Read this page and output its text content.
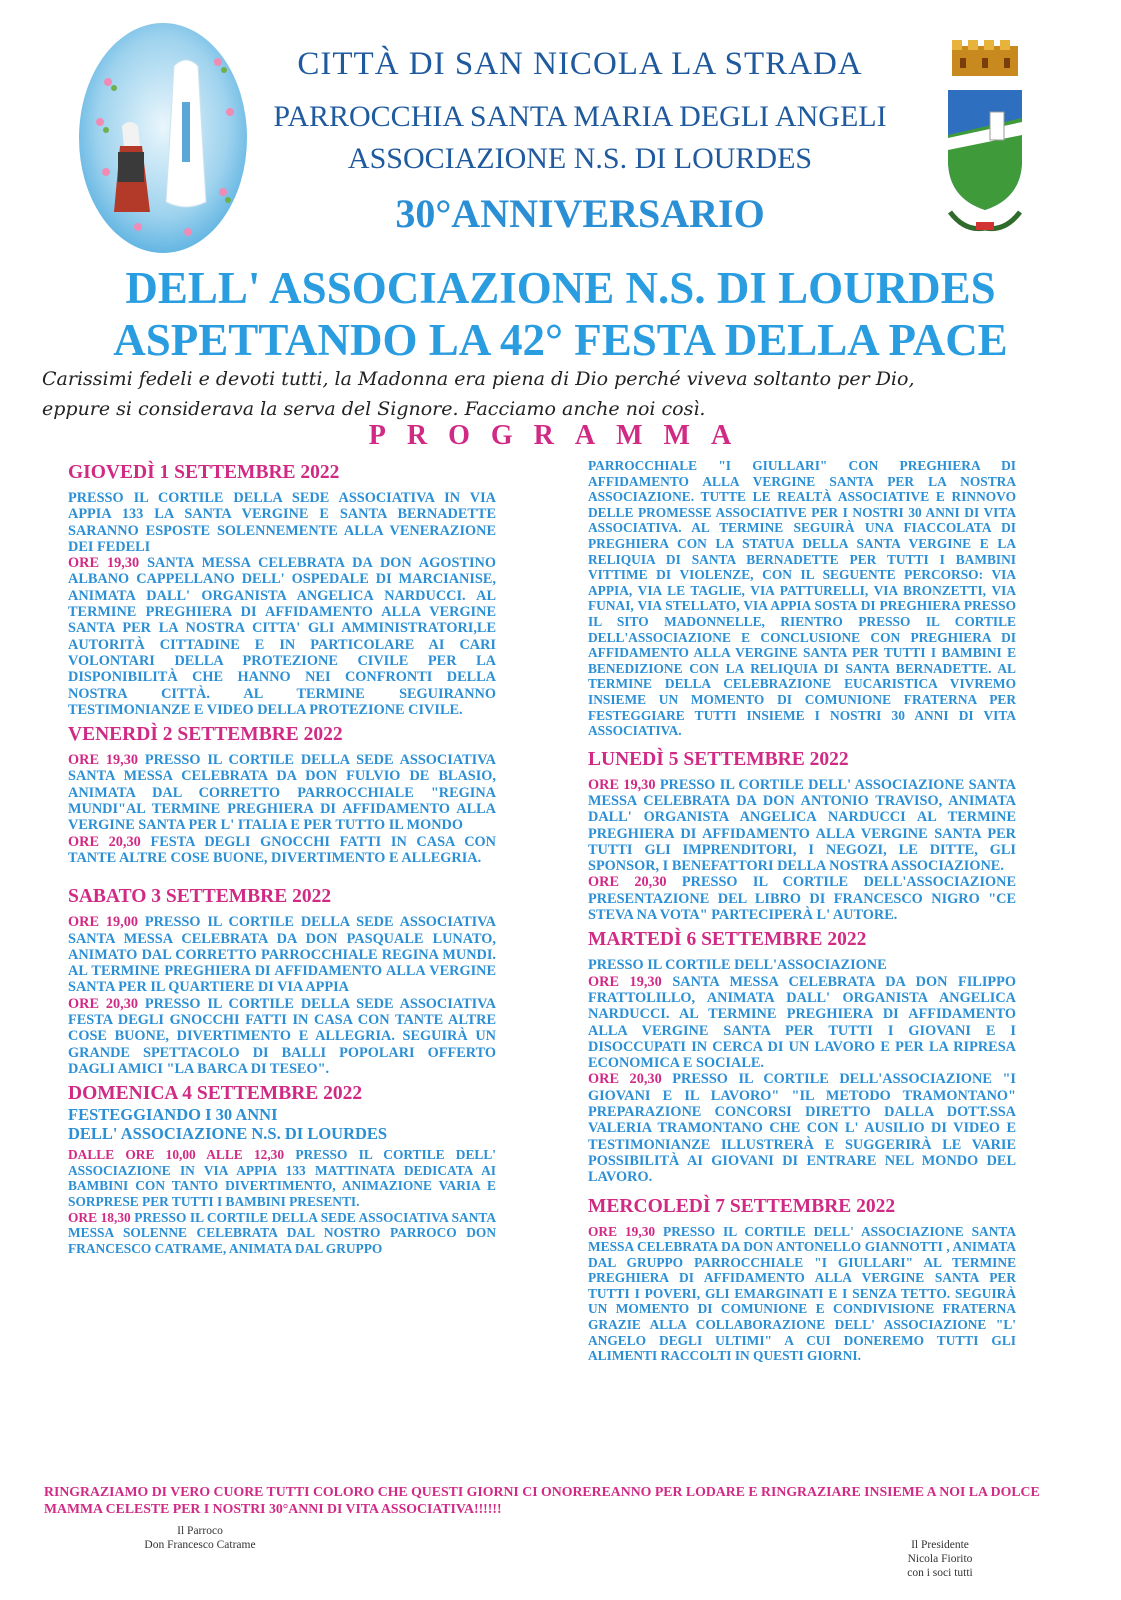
CITTÀ DI SAN NICOLA LA STRADA
PARROCCHIA SANTA MARIA DEGLI ANGELI
ASSOCIAZIONE N.S. DI LOURDES
30°ANNIVERSARIO
DELL' ASSOCIAZIONE N.S. DI LOURDES
ASPETTANDO LA 42° FESTA DELLA PACE
Carissimi fedeli e devoti tutti, la Madonna era piena di Dio perché viveva soltanto per Dio,
eppure si considerava la serva del Signore. Facciamo anche noi così.
PROGRAMMA

GIOVEDÌ 1 SETTEMBRE 2022

PRESSO IL CORTILE DELLA SEDE ASSOCIATIVA IN VIA APPIA 133 LA SANTA VERGINE E SANTA BERNADETTE SARANNO ESPOSTE SOLENNEMENTE ALLA VENERAZIONE DEI FEDELI

ORE 19,30 SANTA MESSA CELEBRATA DA DON AGOSTINO ALBANO CAPPELLANO DELL' OSPEDALE DI MARCIANISE, ANIMATA DALL' ORGANISTA ANGELICA NARDUCCI. AL TERMINE PREGHIERA DI AFFIDAMENTO ALLA VERGINE SANTA PER LA NOSTRA CITTA' GLI AMMINISTRATORI,LE AUTORITÀ CITTADINE E IN PARTICOLARE AI CARI VOLONTARI DELLA PROTEZIONE CIVILE PER LA DISPONIBILITÀ CHE HANNO NEI CONFRONTI DELLA NOSTRA CITTÀ. AL TERMINE SEGUIRANNO TESTIMONIANZE E VIDEO DELLA PROTEZIONE CIVILE.

VENERDÌ 2 SETTEMBRE 2022

ORE 19,30 PRESSO IL CORTILE DELLA SEDE ASSOCIATIVA SANTA MESSA CELEBRATA DA DON FULVIO DE BLASIO, ANIMATA DAL CORRETTO PARROCCHIALE "REGINA MUNDI"AL TERMINE PREGHIERA DI AFFIDAMENTO ALLA VERGINE SANTA PER L' ITALIA E PER TUTTO IL MONDO

ORE 20,30 FESTA DEGLI GNOCCHI FATTI IN CASA CON TANTE ALTRE COSE BUONE, DIVERTIMENTO E ALLEGRIA.

SABATO 3 SETTEMBRE 2022

ORE 19,00 PRESSO IL CORTILE DELLA SEDE ASSOCIATIVA SANTA MESSA CELEBRATA DA DON PASQUALE LUNATO, ANIMATO DAL CORRETTO PARROCCHIALE REGINA MUNDI. AL TERMINE PREGHIERA DI AFFIDAMENTO ALLA VERGINE SANTA PER IL QUARTIERE DI VIA APPIA

ORE 20,30 PRESSO IL CORTILE DELLA SEDE ASSOCIATIVA FESTA DEGLI GNOCCHI FATTI IN CASA CON TANTE ALTRE COSE BUONE, DIVERTIMENTO E ALLEGRIA. SEGUIRÀ UN GRANDE SPETTACOLO DI BALLI POPOLARI OFFERTO DAGLI AMICI "LA BARCA DI TESEO".

DOMENICA 4 SETTEMBRE 2022

FESTEGGIANDO I 30 ANNI

DELL' ASSOCIAZIONE N.S. DI LOURDES

DALLE ORE 10,00 ALLE 12,30 PRESSO IL CORTILE DELL' ASSOCIAZIONE IN VIA APPIA 133 MATTINATA DEDICATA AI BAMBINI CON TANTO DIVERTIMENTO, ANIMAZIONE VARIA E SORPRESE PER TUTTI I BAMBINI PRESENTI.

ORE 18,30 PRESSO IL CORTILE DELLA SEDE ASSOCIATIVA SANTA MESSA SOLENNE CELEBRATA DAL NOSTRO PARROCO DON FRANCESCO CATRAME, ANIMATA DAL GRUPPO

PARROCCHIALE "I GIULLARI" CON PREGHIERA DI AFFIDAMENTO ALLA VERGINE SANTA PER LA NOSTRA ASSOCIAZIONE. TUTTE LE REALTÀ ASSOCIATIVE E RINNOVO DELLE PROMESSE ASSOCIATIVE PER I NOSTRI 30 ANNI DI VITA ASSOCIATIVA. AL TERMINE SEGUIRÀ UNA FIACCOLATA DI PREGHIERA CON LA STATUA DELLA SANTA VERGINE E LA RELIQUIA DI SANTA BERNADETTE PER TUTTI I BAMBINI VITTIME DI VIOLENZE, CON IL SEGUENTE PERCORSO: VIA APPIA, VIA LE TAGLIE, VIA PATTURELLI, VIA BRONZETTI, VIA FUNAI, VIA STELLATO, VIA APPIA SOSTA DI PREGHIERA PRESSO IL SITO MADONNELLE, RIENTRO PRESSO IL CORTILE DELL'ASSOCIAZIONE E CONCLUSIONE CON PREGHIERA DI AFFIDAMENTO ALLA VERGINE SANTA PER TUTTI I BAMBINI E BENEDIZIONE CON LA RELIQUIA DI SANTA BERNADETTE. AL TERMINE DELLA CELEBRAZIONE EUCARISTICA VIVREMO INSIEME UN MOMENTO DI COMUNIONE FRATERNA PER FESTEGGIARE TUTTI INSIEME I NOSTRI 30 ANNI DI VITA ASSOCIATIVA.

LUNEDÌ 5 SETTEMBRE 2022

ORE 19,30 PRESSO IL CORTILE DELL' ASSOCIAZIONE SANTA MESSA CELEBRATA DA DON ANTONIO TRAVISO, ANIMATA DALL' ORGANISTA ANGELICA NARDUCCI AL TERMINE PREGHIERA DI AFFIDAMENTO ALLA VERGINE SANTA PER TUTTI GLI IMPRENDITORI, I NEGOZI, LE DITTE, GLI SPONSOR, I BENEFATTORI DELLA NOSTRA ASSOCIAZIONE.

ORE 20,30 PRESSO IL CORTILE DELL'ASSOCIAZIONE PRESENTAZIONE DEL LIBRO DI FRANCESCO NIGRO "CE STEVA NA VOTA" PARTECIPERÀ L' AUTORE.

MARTEDÌ 6 SETTEMBRE 2022

PRESSO IL CORTILE DELL'ASSOCIAZIONE

ORE 19,30 SANTA MESSA CELEBRATA DA DON FILIPPO FRATTOLILLO, ANIMATA DALL' ORGANISTA ANGELICA NARDUCCI. AL TERMINE PREGHIERA DI AFFIDAMENTO ALLA VERGINE SANTA PER TUTTI I GIOVANI E I DISOCCUPATI IN CERCA DI UN LAVORO E PER LA RIPRESA ECONOMICA E SOCIALE.

ORE 20,30 PRESSO IL CORTILE DELL'ASSOCIAZIONE "I GIOVANI E IL LAVORO" "IL METODO TRAMONTANO" PREPARAZIONE CONCORSI DIRETTO DALLA DOTT.SSA VALERIA TRAMONTANO CHE CON L' AUSILIO DI VIDEO E TESTIMONIANZE ILLUSTRERÀ E SUGGERIRÀ LE VARIE POSSIBILITÀ AI GIOVANI DI ENTRARE NEL MONDO DEL LAVORO.

MERCOLEDÌ 7 SETTEMBRE 2022

ORE 19,30 PRESSO IL CORTILE DELL' ASSOCIAZIONE SANTA MESSA CELEBRATA DA DON ANTONELLO GIANNOTTI , ANIMATA DAL GRUPPO PARROCCHIALE "I GIULLARI" AL TERMINE PREGHIERA DI AFFIDAMENTO ALLA VERGINE SANTA PER TUTTI I POVERI, GLI EMARGINATI E I SENZA TETTO. SEGUIRÀ UN MOMENTO DI COMUNIONE E CONDIVISIONE FRATERNA GRAZIE ALLA COLLABORAZIONE DELL' ASSOCIAZIONE "L' ANGELO DEGLI ULTIMI" A CUI DONEREMO TUTTI GLI ALIMENTI RACCOLTI IN QUESTI GIORNI.

RINGRAZIAMO DI VERO CUORE TUTTI COLORO CHE QUESTI GIORNI CI ONOREREANNO PER LODARE E RINGRAZIARE INSIEME A NOI LA DOLCE MAMMA CELESTE PER I NOSTRI 30°ANNI DI VITA ASSOCIATIVA!!!!!!
Il Parroco
Don Francesco Catrame	Il Presidente
Nicola Fiorito
con i soci tutti
